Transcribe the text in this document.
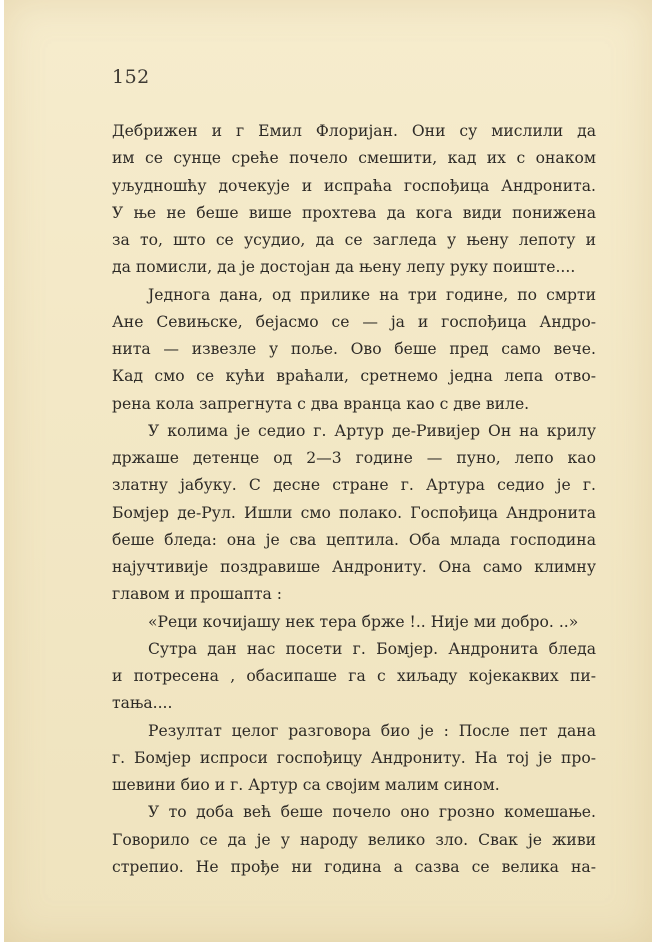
152
Дебрижен и г Емил Флоријан. Они су мислили да
им се сунце среће почело смешити, кад их с онаком
уљудношћу дочекује и испраћа госпођица Андронита.
У ње не беше више прохтева да кога види понижена
за то, што се усудио, да се загледа у њену лепоту и
да помисли, да је достојан да њену лепу руку поиште....
Једнога дана, од прилике на три године, по смрти
Ане Севињске, бејасмо се — ја и госпођица Андро-
нита — извезле у поље. Ово беше пред само вече.
Кад смо се кући враћали, сретнемо једна лепа отво-
рена кола запрегнута с два вранца као с две виле.
У колима је седио г. Артур де-Ривијер Он на крилу
држаше детенце од 2—3 године — пуно, лепо као
златну јабуку. С десне стране г. Артура седио је г.
Бомјер де-Рул. Ишли смо полако. Госпођица Андронита
беше бледа: она је сва цептила. Оба млада господина
најучтивије поздравише Андрониту. Она само климну
главом и прошапта :
«Реци кочијашу нек тера брже !.. Није ми добро. ..»
Сутра дан нас посети г. Бомјер. Андронита бледа
и потресена , обасипаше га с хиљаду којекаквих пи-
тања....
Резултат целог разговора био је : После пет дана
г. Бомјер испроси госпођицу Андрониту. На тој је про-
шевини био и г. Артур са својим малим сином.
У то доба већ беше почело оно грозно комешање.
Говорило се да је у народу велико зло. Свак је живи
стрепио. Не прође ни година а сазва се велика на-
